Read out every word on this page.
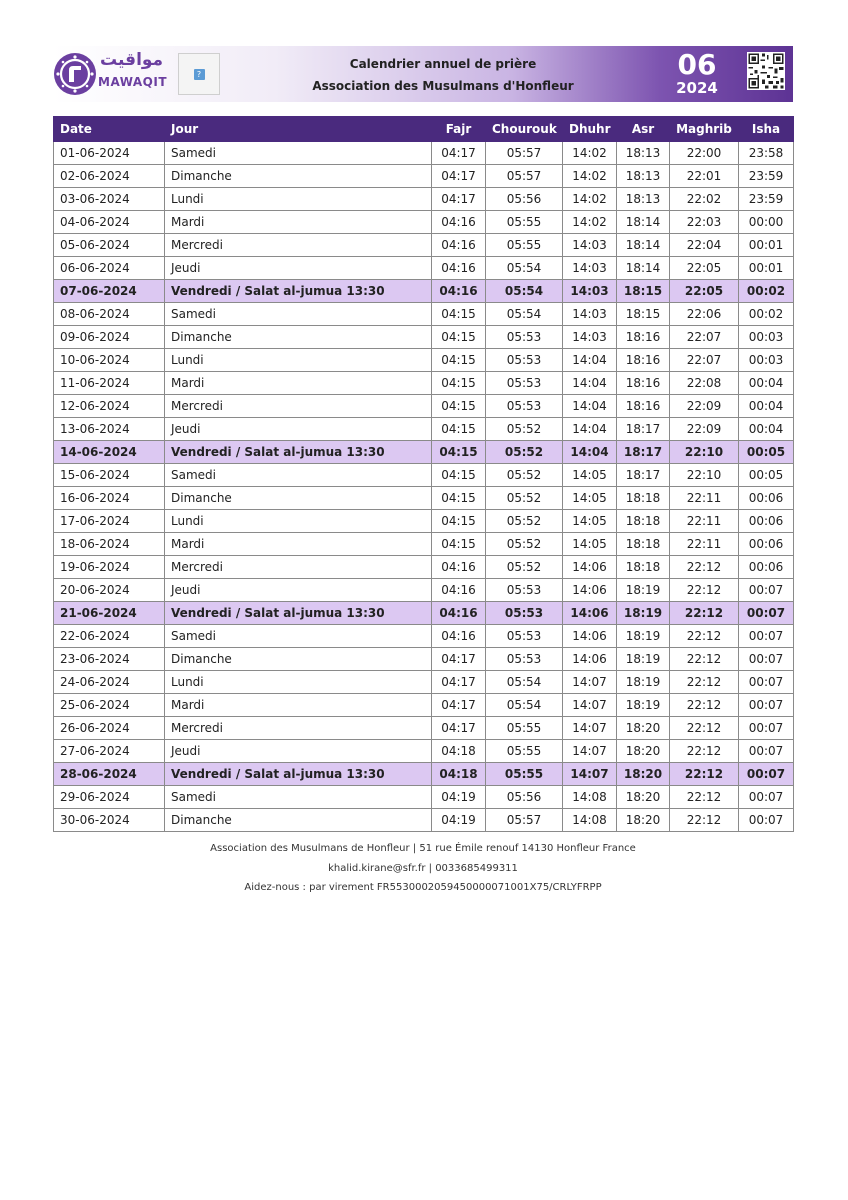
مواقيت
MAWAQIT
?
Calendrier annuel de prière
Association des Musulmans d'Honfleur
06
2024
Date	Jour	Fajr	Chourouk	Dhuhr	Asr	Maghrib	Isha
01-06-2024	Samedi	04:17	05:57	14:02	18:13	22:00	23:58
02-06-2024	Dimanche	04:17	05:57	14:02	18:13	22:01	23:59
03-06-2024	Lundi	04:17	05:56	14:02	18:13	22:02	23:59
04-06-2024	Mardi	04:16	05:55	14:02	18:14	22:03	00:00
05-06-2024	Mercredi	04:16	05:55	14:03	18:14	22:04	00:01
06-06-2024	Jeudi	04:16	05:54	14:03	18:14	22:05	00:01
07-06-2024	Vendredi / Salat al-jumua 13:30	04:16	05:54	14:03	18:15	22:05	00:02
08-06-2024	Samedi	04:15	05:54	14:03	18:15	22:06	00:02
09-06-2024	Dimanche	04:15	05:53	14:03	18:16	22:07	00:03
10-06-2024	Lundi	04:15	05:53	14:04	18:16	22:07	00:03
11-06-2024	Mardi	04:15	05:53	14:04	18:16	22:08	00:04
12-06-2024	Mercredi	04:15	05:53	14:04	18:16	22:09	00:04
13-06-2024	Jeudi	04:15	05:52	14:04	18:17	22:09	00:04
14-06-2024	Vendredi / Salat al-jumua 13:30	04:15	05:52	14:04	18:17	22:10	00:05
15-06-2024	Samedi	04:15	05:52	14:05	18:17	22:10	00:05
16-06-2024	Dimanche	04:15	05:52	14:05	18:18	22:11	00:06
17-06-2024	Lundi	04:15	05:52	14:05	18:18	22:11	00:06
18-06-2024	Mardi	04:15	05:52	14:05	18:18	22:11	00:06
19-06-2024	Mercredi	04:16	05:52	14:06	18:18	22:12	00:06
20-06-2024	Jeudi	04:16	05:53	14:06	18:19	22:12	00:07
21-06-2024	Vendredi / Salat al-jumua 13:30	04:16	05:53	14:06	18:19	22:12	00:07
22-06-2024	Samedi	04:16	05:53	14:06	18:19	22:12	00:07
23-06-2024	Dimanche	04:17	05:53	14:06	18:19	22:12	00:07
24-06-2024	Lundi	04:17	05:54	14:07	18:19	22:12	00:07
25-06-2024	Mardi	04:17	05:54	14:07	18:19	22:12	00:07
26-06-2024	Mercredi	04:17	05:55	14:07	18:20	22:12	00:07
27-06-2024	Jeudi	04:18	05:55	14:07	18:20	22:12	00:07
28-06-2024	Vendredi / Salat al-jumua 13:30	04:18	05:55	14:07	18:20	22:12	00:07
29-06-2024	Samedi	04:19	05:56	14:08	18:20	22:12	00:07
30-06-2024	Dimanche	04:19	05:57	14:08	18:20	22:12	00:07
Association des Musulmans de Honfleur | 51 rue Émile renouf 14130 Honfleur France
khalid.kirane@sfr.fr | 0033685499311
Aidez-nous : par virement FR5530002059450000071001X75/CRLYFRPP
